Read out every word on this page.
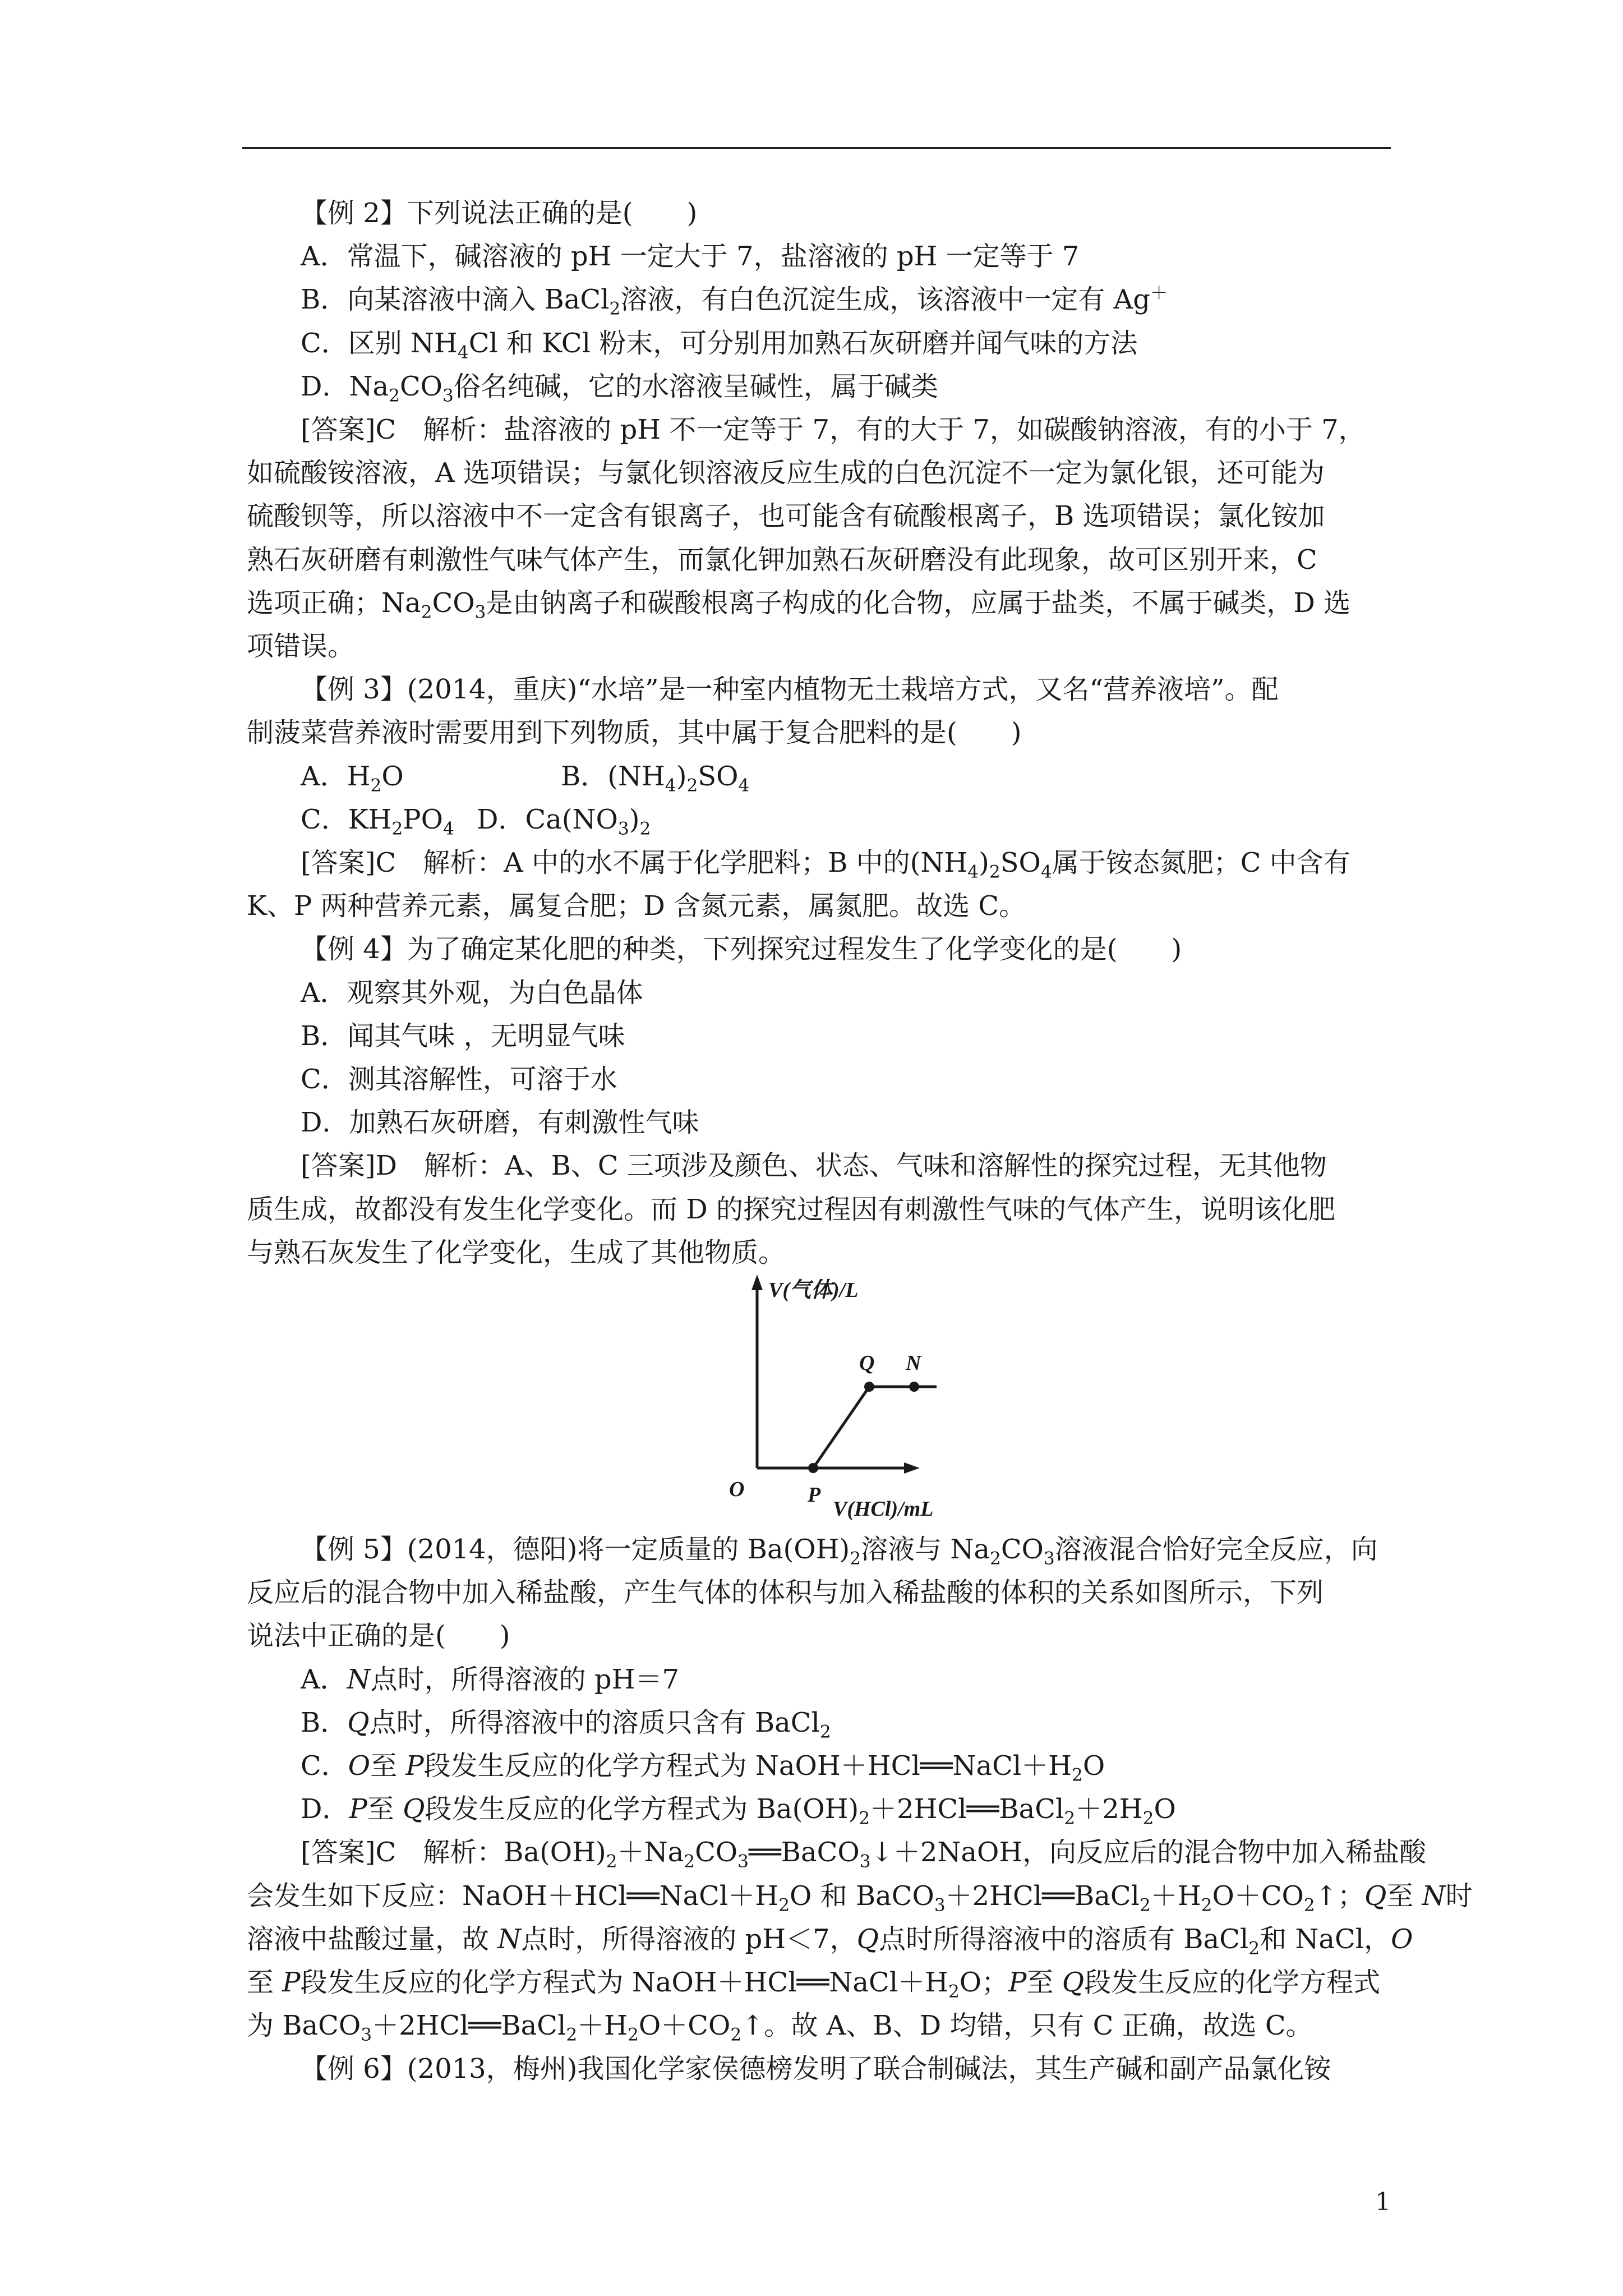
【例 2】下列说法正确的是(　　)

A．常温下，碱溶液的 pH 一定大于 7，盐溶液的 pH 一定等于 7

B．向某溶液中滴入 BaCl$_2$溶液，有白色沉淀生成，该溶液中一定有 Ag＋

C．区别 $NH_4Cl$ 和 KCl 粉末，可分别用加熟石灰研磨并闻气味的方法

D．$Na_2CO_3$俗名纯碱，它的水溶液呈碱性，属于碱类

[答案]C　解析：盐溶液的 pH 不一定等于 7，有的大于 7，如碳酸钠溶液，有的小于 7，

如硫酸铵溶液，A 选项错误；与氯化钡溶液反应生成的白色沉淀不一定为氯化银，还可能为

硫酸钡等，所以溶液中不一定含有银离子，也可能含有硫酸根离子，B 选项错误；氯化铵加

熟石灰研磨有刺激性气味气体产生，而氯化钾加熟石灰研磨没有此现象，故可区别开来，C

选项正确；$Na_2CO_3$是由钠离子和碳酸根离子构成的化合物，应属于盐类，不属于碱类，D 选

项错误。

【例 3】(2014，重庆)“水培”是一种室内植物无土栽培方式，又名“营养液培”。配

制菠菜营养液时需要用到下列物质，其中属于复合肥料的是(　　)

A．$H_2O$	B．$(NH_4)_2SO_4$
C．$KH_2PO_4$ D．$Ca(NO_3)_2$

[答案]C　解析：A 中的水不属于化学肥料；B 中的$(NH_4)_2SO_4$属于铵态氮肥；C 中含有

K、P 两种营养元素，属复合肥；D 含氮元素，属氮肥。故选 C。

【例 4】为了确定某化肥的种类，下列探究过程发生了化学变化的是(　　)

A．观察其外观，为白色晶体

B．闻其气味 ，无明显气味

C．测其溶解性，可溶于水

D．加熟石灰研磨，有刺激性气味

[答案]D　解析：A、B、C 三项涉及颜色、状态、气味和溶解性的探究过程，无其他物

质生成，故都没有发生化学变化。而 D 的探究过程因有刺激性气味的气体产生，说明该化肥

与熟石灰发生了化学变化，生成了其他物质。

V(气体)/L
O	P
Q N
V(HCl)/mL

【例 5】(2014，德阳)将一定质量的 $Ba(OH)_2$溶液与 $Na_2CO_3$溶液混合恰好完全反应，向

反应后的混合物中加入稀盐酸，产生气体的体积与加入稀盐酸的体积的关系如图所示，下列

说法中正确的是(　　)

A．N点时，所得溶液的 pH＝7

B．Q点时，所得溶液中的溶质只含有 BaCl$_2$

C．O至 P段发生反应的化学方程式为 $NaOH+HCl══NaCl+H_2O$

D．P至 Q段发生反应的化学方程式为 $Ba(OH)_2+2HCl══BaCl_2+2H_2O$

[答案]C　解析：$Ba(OH)_2+Na_2CO_3══BaCO_3↓+2NaOH$，向反应后的混合物中加入稀盐酸

会发生如下反应：$NaOH+HCl══NaCl+H_2O$ 和 $BaCO_3+2HCl══BaCl_2+H_2O+CO_2↑$；Q至 N时

溶液中盐酸过量，故 N点时，所得溶液的 pH＜7，Q点时所得溶液中的溶质有 BaCl$_2$和 NaCl，O

至 P段发生反应的化学方程式为 $NaOH+HCl══NaCl+H_2O$；P至 Q段发生反应的化学方程式

为 $BaCO_3+2HCl══BaCl_2+H_2O+CO_2↑$。故 A、B、D 均错，只有 C 正确，故选 C。

【例 6】(2013，梅州)我国化学家侯德榜发明了联合制碱法，其生产碱和副产品氯化铵

1
